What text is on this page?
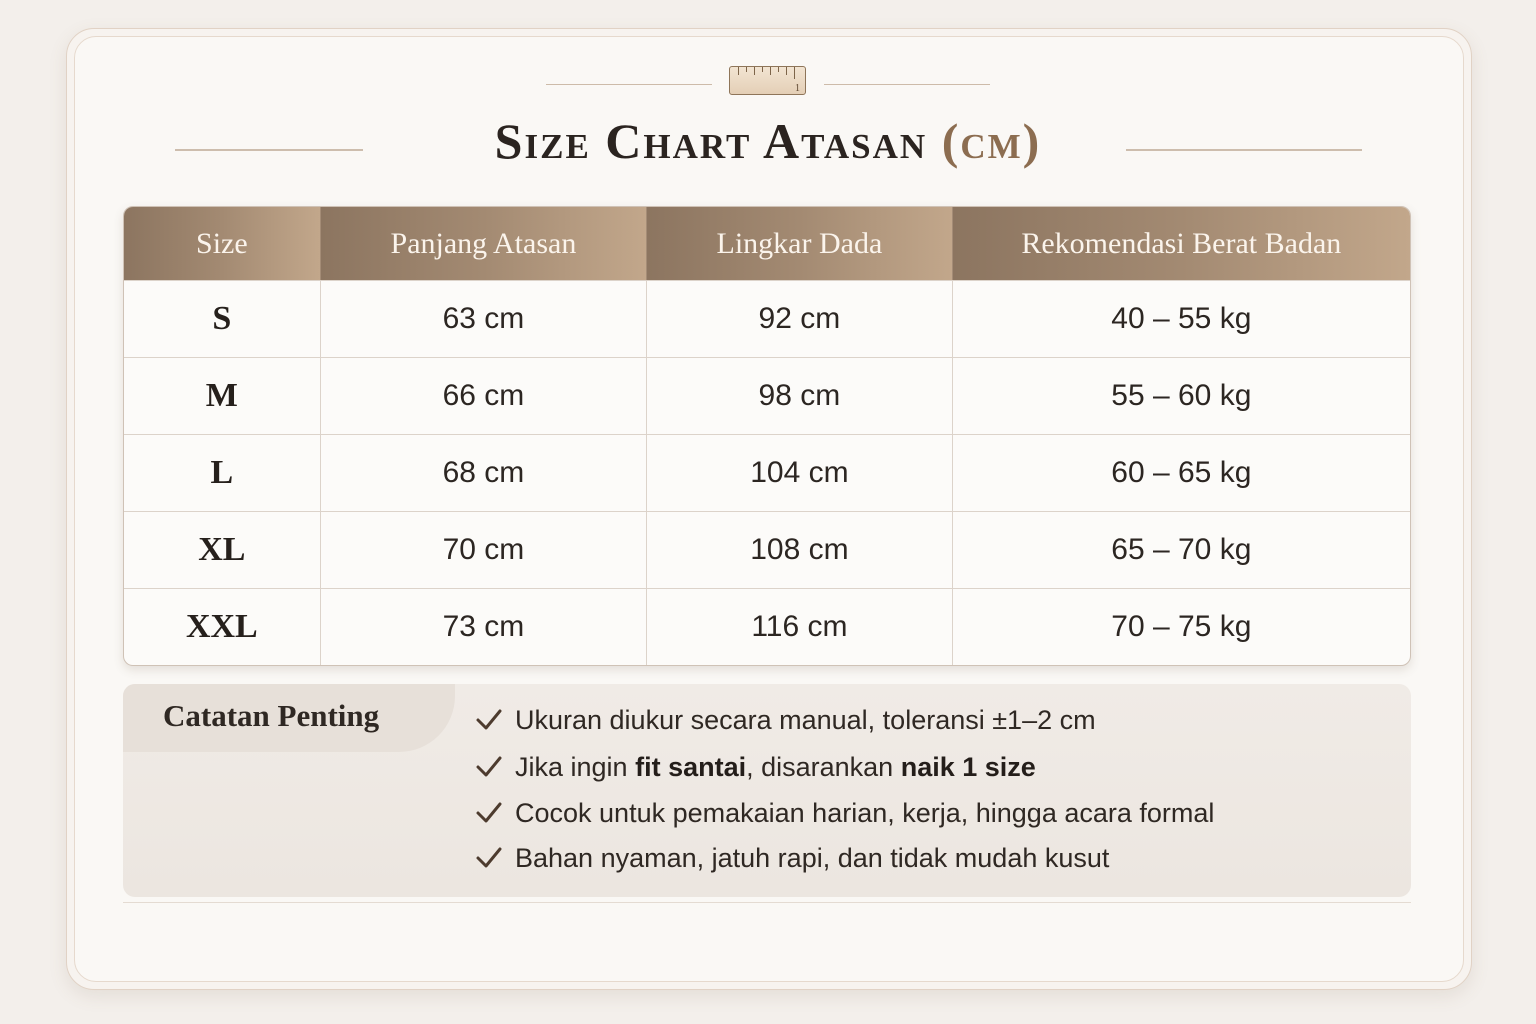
1
Size Chart Atasan (cm)
Size	Panjang Atasan	Lingkar Dada	Rekomendasi Berat Badan
S	63 cm	92 cm	40 – 55 kg
M	66 cm	98 cm	55 – 60 kg
L	68 cm	104 cm	60 – 65 kg
XL	70 cm	108 cm	65 – 70 kg
XXL	73 cm	116 cm	70 – 75 kg
Catatan Penting	Ukuran diukur secara manual, toleransi ±1–2 cm
Jika ingin fit santai, disarankan naik 1 size
Cocok untuk pemakaian harian, kerja, hingga acara formal
Bahan nyaman, jatuh rapi, dan tidak mudah kusut
